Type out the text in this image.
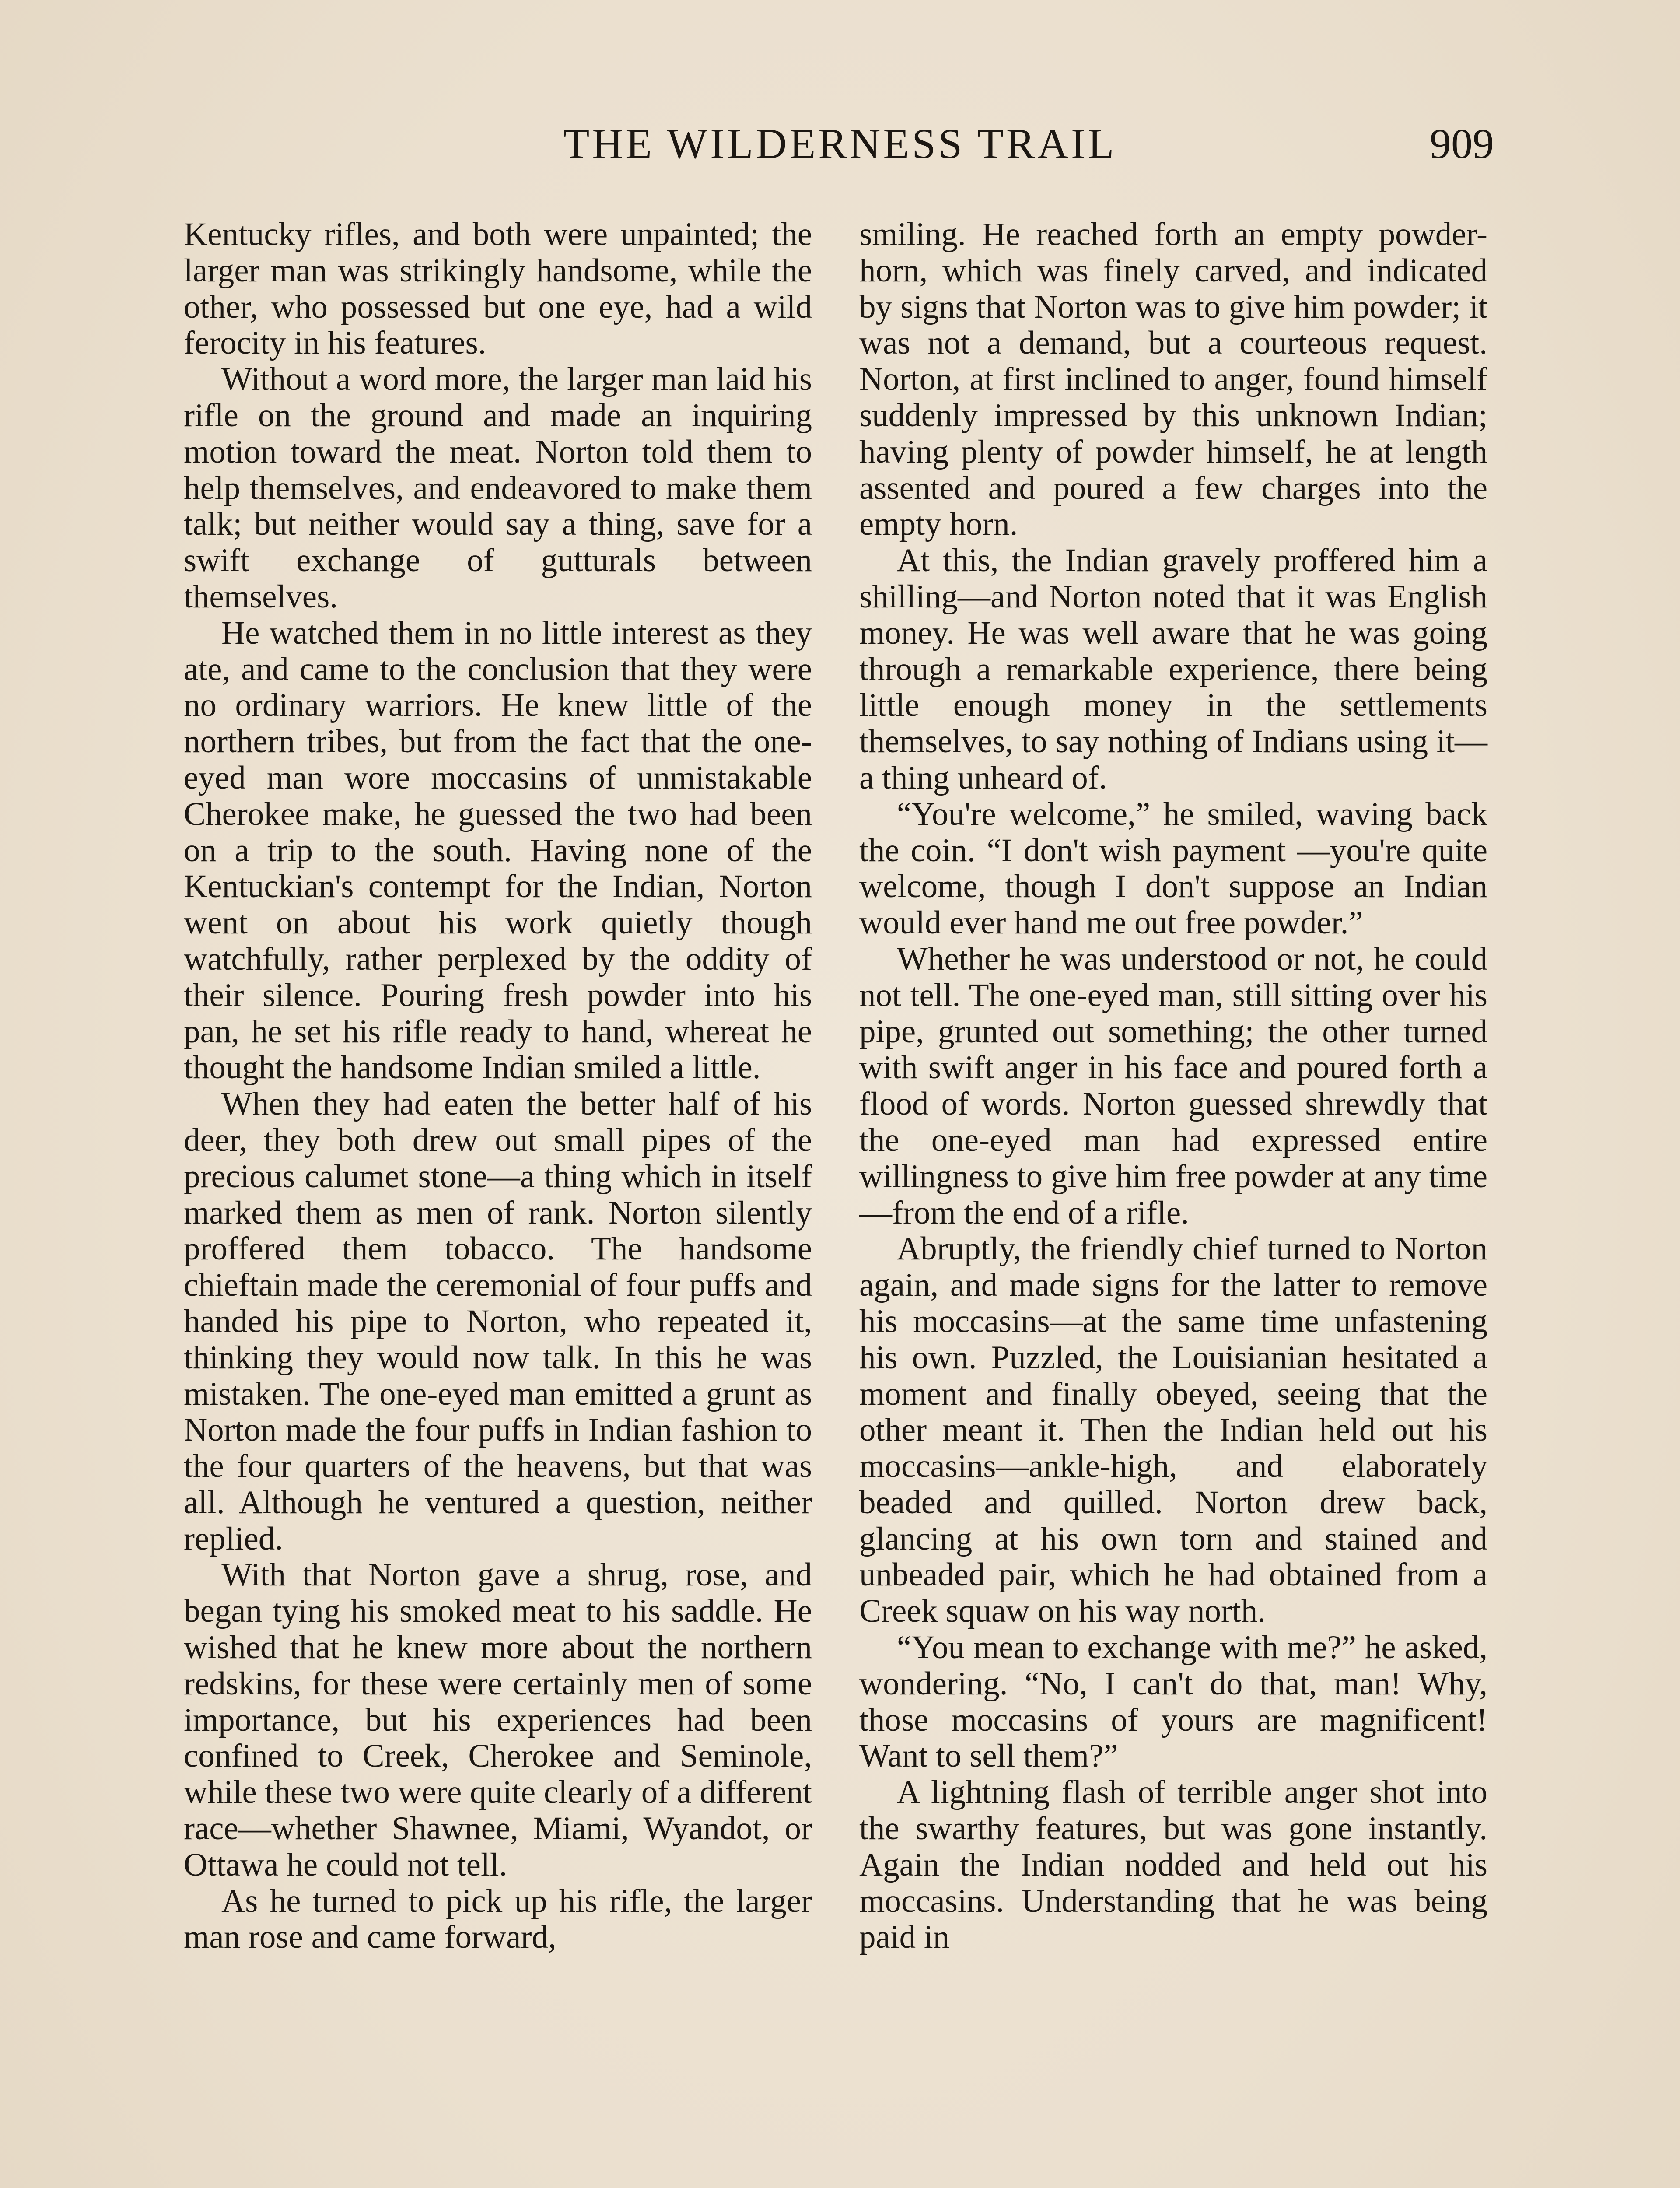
THE WILDERNESS TRAIL	909

Kentucky rifles, and both were unpainted; the larger man was strikingly handsome, while the other, who possessed but one eye, had a wild ferocity in his features.

Without a word more, the larger man laid his rifle on the ground and made an inquiring motion toward the meat. Norton told them to help themselves, and endeavored to make them talk; but neither would say a thing, save for a swift exchange of gutturals between themselves.

He watched them in no little interest as they ate, and came to the conclusion that they were no ordinary warriors. He knew little of the northern tribes, but from the fact that the one-eyed man wore moccasins of unmistakable Cherokee make, he guessed the two had been on a trip to the south. Having none of the Kentuckian's contempt for the Indian, Norton went on about his work quietly though watchfully, rather perplexed by the oddity of their silence. Pouring fresh powder into his pan, he set his rifle ready to hand, whereat he thought the handsome Indian smiled a little.

When they had eaten the better half of his deer, they both drew out small pipes of the precious calumet stone—a thing which in itself marked them as men of rank. Norton silently proffered them tobacco. The handsome chieftain made the ceremonial of four puffs and handed his pipe to Norton, who repeated it, thinking they would now talk. In this he was mistaken. The one-eyed man emitted a grunt as Norton made the four puffs in Indian fashion to the four quarters of the heavens, but that was all. Although he ventured a question, neither replied.

With that Norton gave a shrug, rose, and began tying his smoked meat to his saddle. He wished that he knew more about the northern redskins, for these were certainly men of some importance, but his experiences had been confined to Creek, Cherokee and Seminole, while these two were quite clearly of a different race—whether Shawnee, Miami, Wyandot, or Ottawa he could not tell.

As he turned to pick up his rifle, the larger man rose and came forward,

smiling. He reached forth an empty powder-horn, which was finely carved, and indicated by signs that Norton was to give him powder; it was not a demand, but a courteous request. Norton, at first inclined to anger, found himself suddenly impressed by this unknown Indian; having plenty of powder himself, he at length assented and poured a few charges into the empty horn.

At this, the Indian gravely proffered him a shilling—and Norton noted that it was English money. He was well aware that he was going through a remarkable experience, there being little enough money in the settlements themselves, to say nothing of Indians using it—a thing unheard of.

“You're welcome,” he smiled, waving back the coin. “I don't wish payment —you're quite welcome, though I don't suppose an Indian would ever hand me out free powder.”

Whether he was understood or not, he could not tell. The one-eyed man, still sitting over his pipe, grunted out something; the other turned with swift anger in his face and poured forth a flood of words. Norton guessed shrewdly that the one-eyed man had expressed entire willingness to give him free powder at any time—from the end of a rifle.

Abruptly, the friendly chief turned to Norton again, and made signs for the latter to remove his moccasins—at the same time unfastening his own. Puzzled, the Louisianian hesitated a moment and finally obeyed, seeing that the other meant it. Then the Indian held out his moccasins—ankle-high, and elaborately beaded and quilled. Norton drew back, glancing at his own torn and stained and unbeaded pair, which he had obtained from a Creek squaw on his way north.

“You mean to exchange with me?” he asked, wondering. “No, I can't do that, man! Why, those moccasins of yours are magnificent! Want to sell them?”

A lightning flash of terrible anger shot into the swarthy features, but was gone instantly. Again the Indian nodded and held out his moccasins. Understanding that he was being paid in
